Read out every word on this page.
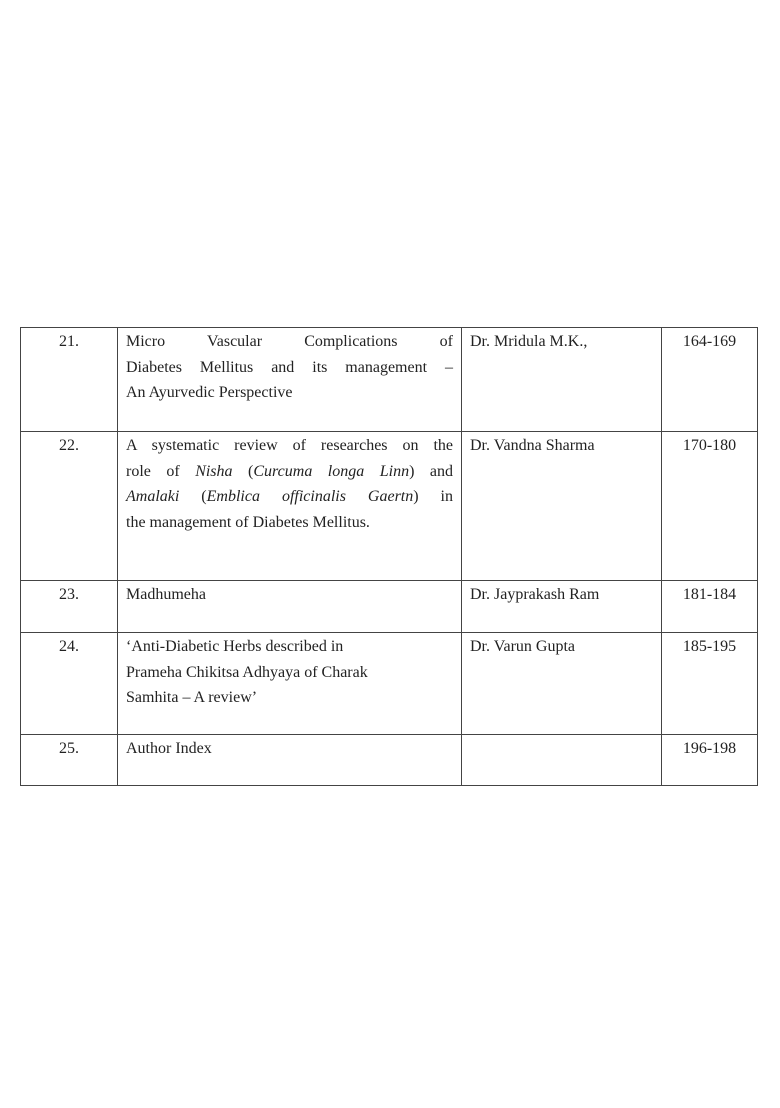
21.	Micro Vascular Complications of
Diabetes Mellitus and its management –
An Ayurvedic Perspective	Dr. Mridula M.K.,	164-169
22.	A systematic review of researches on the
role of Nisha (Curcuma longa Linn) and
Amalaki (Emblica officinalis Gaertn) in
the management of Diabetes Mellitus.	Dr. Vandna Sharma	170-180
23.	Madhumeha	Dr. Jayprakash Ram	181-184
24.	‘Anti-Diabetic Herbs described in
Prameha Chikitsa Adhyaya of Charak
Samhita – A review’	Dr. Varun Gupta	185-195
25.	Author Index		196-198
